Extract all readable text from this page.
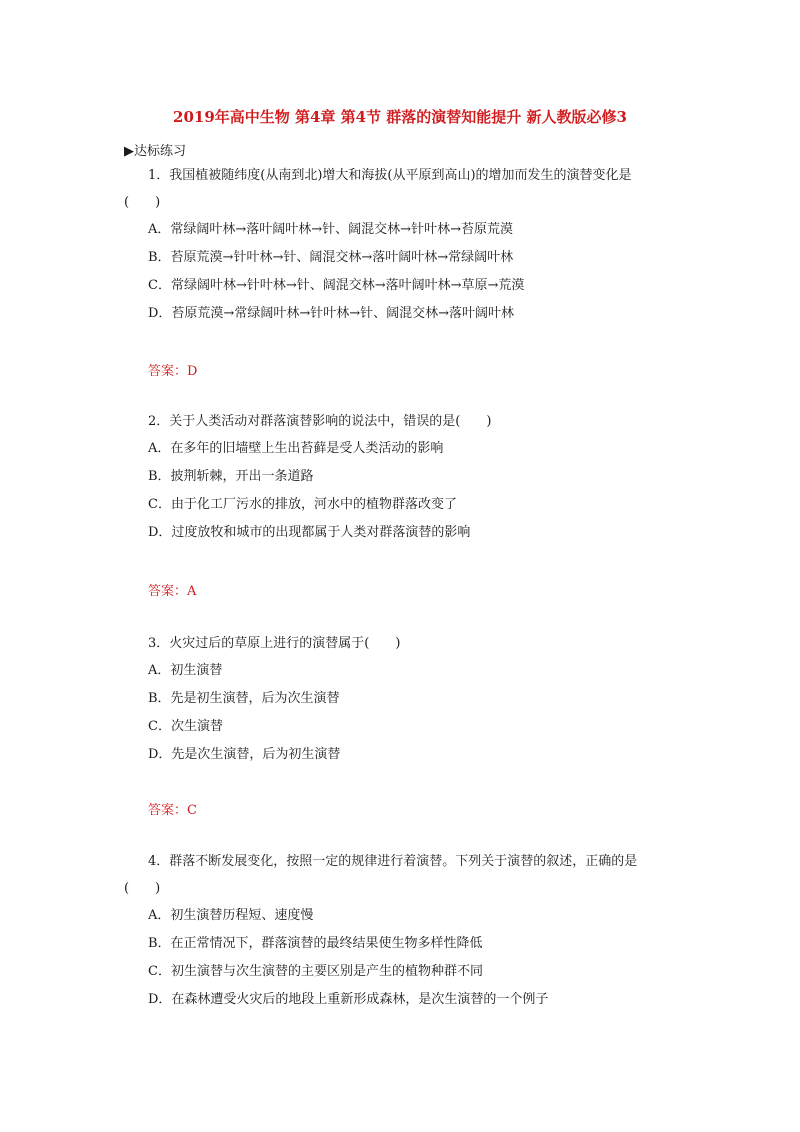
2019年高中生物 第4章 第4节 群落的演替知能提升 新人教版必修3
▶达标练习

1．我国植被随纬度(从南到北)增大和海拔(从平原到高山)的增加而发生的演替变化是

(　　)

A．常绿阔叶林→落叶阔叶林→针、阔混交林→针叶林→苔原荒漠

B．苔原荒漠→针叶林→针、阔混交林→落叶阔叶林→常绿阔叶林

C．常绿阔叶林→针叶林→针、阔混交林→落叶阔叶林→草原→荒漠

D．苔原荒漠→常绿阔叶林→针叶林→针、阔混交林→落叶阔叶林

答案：D

2．关于人类活动对群落演替影响的说法中，错误的是(　　)

A．在多年的旧墙壁上生出苔藓是受人类活动的影响

B．披荆斩棘，开出一条道路

C．由于化工厂污水的排放，河水中的植物群落改变了

D．过度放牧和城市的出现都属于人类对群落演替的影响

答案：A

3．火灾过后的草原上进行的演替属于(　　)

A．初生演替

B．先是初生演替，后为次生演替

C．次生演替

D．先是次生演替，后为初生演替

答案：C

4．群落不断发展变化，按照一定的规律进行着演替。下列关于演替的叙述，正确的是

(　　)

A．初生演替历程短、速度慢

B．在正常情况下，群落演替的最终结果使生物多样性降低

C．初生演替与次生演替的主要区别是产生的植物种群不同

D．在森林遭受火灾后的地段上重新形成森林，是次生演替的一个例子
